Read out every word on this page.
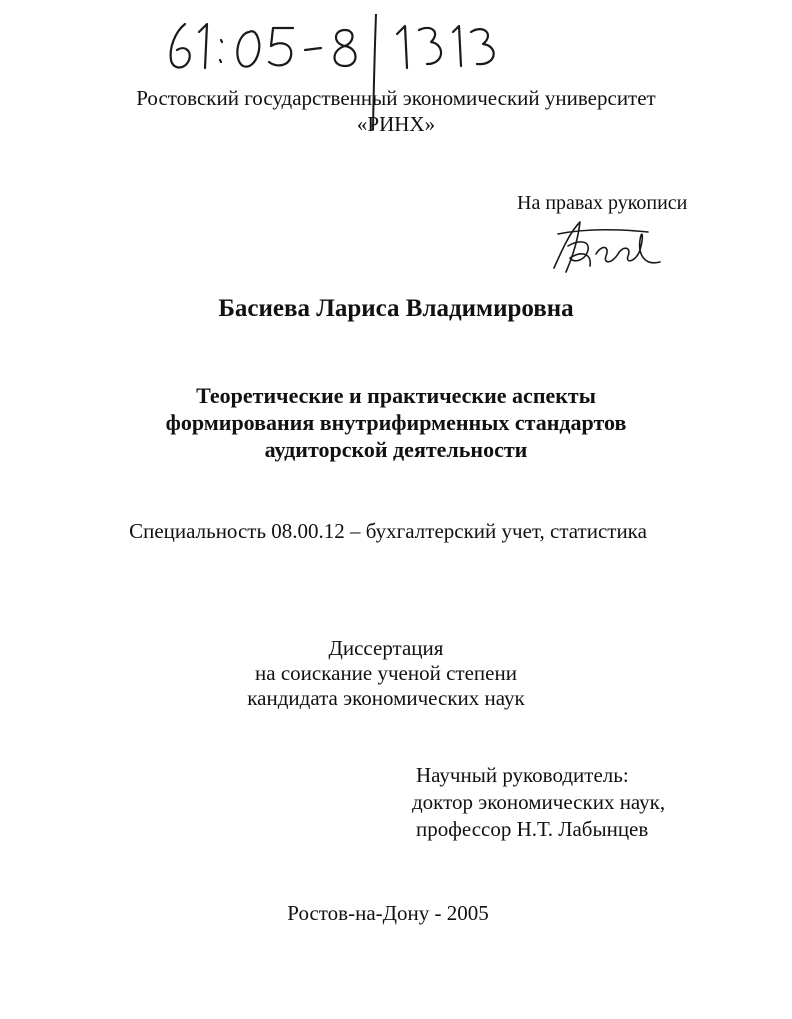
Ростовский государственный экономический университет
«РИНХ»
На правах рукописи
Басиева Лариса Владимировна
Теоретические и практические аспекты
формирования внутрифирменных стандартов
аудиторской деятельности
Специальность 08.00.12 – бухгалтерский учет, статистика
Диссертация
на соискание ученой степени
кандидата экономических наук
Научный руководитель:
доктор экономических наук,
профессор Н.Т. Лабынцев
Ростов-на-Дону - 2005
